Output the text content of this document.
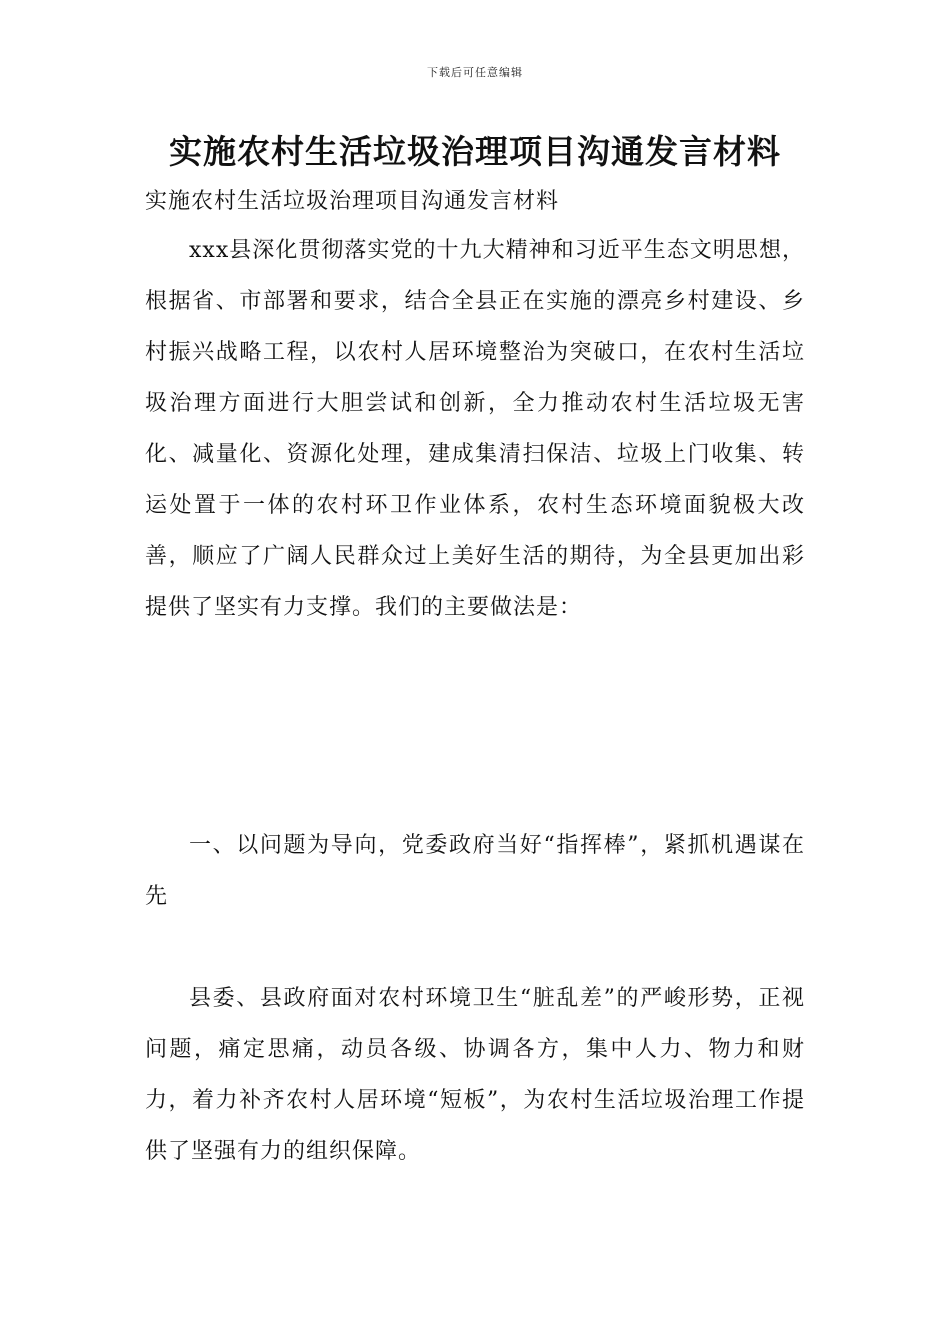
下载后可任意编辑
实施农村生活垃圾治理项目沟通发言材料
实施农村生活垃圾治理项目沟通发言材料

xxx县深化贯彻落实党的十九大精神和习近平生态文明思想，根据省、市部署和要求，结合全县正在实施的漂亮乡村建设、乡村振兴战略工程，以农村人居环境整治为突破口，在农村生活垃圾治理方面进行大胆尝试和创新，全力推动农村生活垃圾无害化、减量化、资源化处理，建成集清扫保洁、垃圾上门收集、转运处置于一体的农村环卫作业体系，农村生态环境面貌极大改善，顺应了广阔人民群众过上美好生活的期待，为全县更加出彩提供了坚实有力支撑。我们的主要做法是：

一、以问题为导向，党委政府当好“指挥棒”，紧抓机遇谋在先

县委、县政府面对农村环境卫生“脏乱差”的严峻形势，正视问题，痛定思痛，动员各级、协调各方，集中人力、物力和财力，着力补齐农村人居环境“短板”，为农村生活垃圾治理工作提供了坚强有力的组织保障。
